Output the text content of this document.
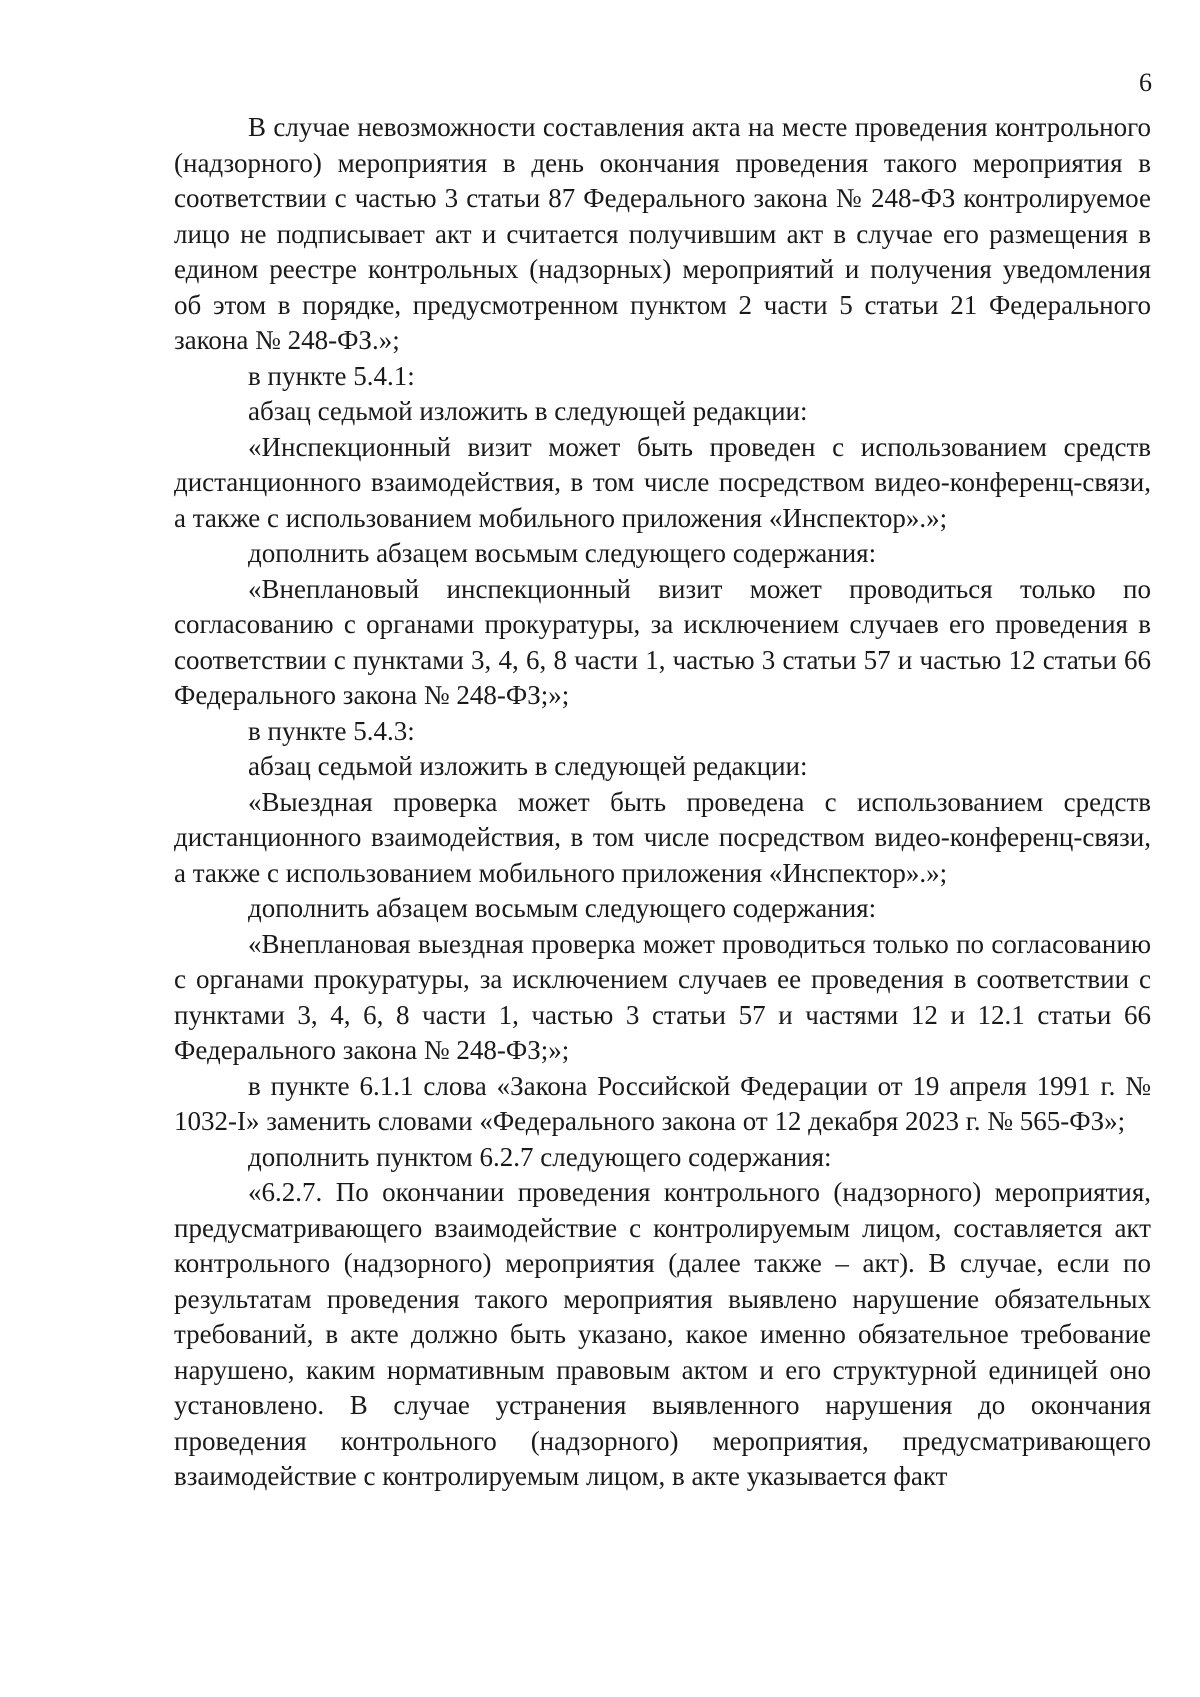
6

В случае невозможности составления акта на месте проведения контрольного (надзорного) мероприятия в день окончания проведения такого мероприятия в соответствии с частью 3 статьи 87 Федерального закона № 248-ФЗ контролируемое лицо не подписывает акт и считается получившим акт в случае его размещения в едином реестре контрольных (надзорных) мероприятий и получения уведомления об этом в порядке, предусмотренном пунктом 2 части 5 статьи 21 Федерального закона № 248-ФЗ.»;

в пункте 5.4.1:

абзац седьмой изложить в следующей редакции:

«Инспекционный визит может быть проведен с использованием средств дистанционного взаимодействия, в том числе посредством видео-конференц-связи, а также с использованием мобильного приложения «Инспектор».»;

дополнить абзацем восьмым следующего содержания:

«Внеплановый инспекционный визит может проводиться только по согласованию с органами прокуратуры, за исключением случаев его проведения в соответствии с пунктами 3, 4, 6, 8 части 1, частью 3 статьи 57 и частью 12 статьи 66 Федерального закона № 248-ФЗ;»;

в пункте 5.4.3:

абзац седьмой изложить в следующей редакции:

«Выездная проверка может быть проведена с использованием средств дистанционного взаимодействия, в том числе посредством видео-конференц-связи, а также с использованием мобильного приложения «Инспектор».»;

дополнить абзацем восьмым следующего содержания:

«Внеплановая выездная проверка может проводиться только по согласованию с органами прокуратуры, за исключением случаев ее проведения в соответствии с пунктами 3, 4, 6, 8 части 1, частью 3 статьи 57 и частями 12 и 12.1 статьи 66 Федерального закона № 248-ФЗ;»;

в пункте 6.1.1 слова «Закона Российской Федерации от 19 апреля 1991 г. № 1032-I» заменить словами «Федерального закона от 12 декабря 2023 г. № 565-ФЗ»;

дополнить пунктом 6.2.7 следующего содержания:

«6.2.7. По окончании проведения контрольного (надзорного) мероприятия, предусматривающего взаимодействие с контролируемым лицом, составляется акт контрольного (надзорного) мероприятия (далее также – акт). В случае, если по результатам проведения такого мероприятия выявлено нарушение обязательных требований, в акте должно быть указано, какое именно обязательное требование нарушено, каким нормативным правовым актом и его структурной единицей оно установлено. В случае устранения выявленного нарушения до окончания проведения контрольного (надзорного) мероприятия, предусматривающего взаимодействие с контролируемым лицом, в акте указывается факт
